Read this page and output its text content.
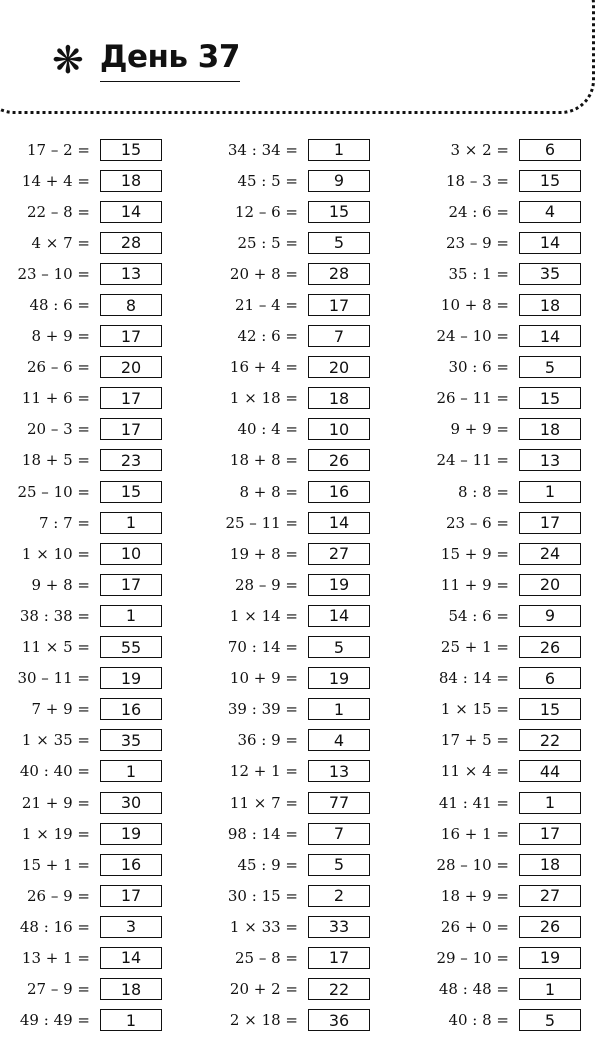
❋ День 37
17 – 2 =	15
14 + 4 =	18
22 – 8 =	14
4 × 7 =	28
23 – 10 =	13
48 : 6 =	8
8 + 9 =	17
26 – 6 =	20
11 + 6 =	17
20 – 3 =	17
18 + 5 =	23
25 – 10 =	15
7 : 7 =	1
1 × 10 =	10
9 + 8 =	17
38 : 38 =	1
11 × 5 =	55
30 – 11 =	19
7 + 9 =	16
1 × 35 =	35
40 : 40 =	1
21 + 9 =	30
1 × 19 =	19
15 + 1 =	16
26 – 9 =	17
48 : 16 =	3
13 + 1 =	14
27 – 9 =	18
49 : 49 =	1
34 : 34 =	1
45 : 5 =	9
12 – 6 =	15
25 : 5 =	5
20 + 8 =	28
21 – 4 =	17
42 : 6 =	7
16 + 4 =	20
1 × 18 =	18
40 : 4 =	10
18 + 8 =	26
8 + 8 =	16
25 – 11 =	14
19 + 8 =	27
28 – 9 =	19
1 × 14 =	14
70 : 14 =	5
10 + 9 =	19
39 : 39 =	1
36 : 9 =	4
12 + 1 =	13
11 × 7 =	77
98 : 14 =	7
45 : 9 =	5
30 : 15 =	2
1 × 33 =	33
25 – 8 =	17
20 + 2 =	22
2 × 18 =	36
3 × 2 =	6
18 – 3 =	15
24 : 6 =	4
23 – 9 =	14
35 : 1 =	35
10 + 8 =	18
24 – 10 =	14
30 : 6 =	5
26 – 11 =	15
9 + 9 =	18
24 – 11 =	13
8 : 8 =	1
23 – 6 =	17
15 + 9 =	24
11 + 9 =	20
54 : 6 =	9
25 + 1 =	26
84 : 14 =	6
1 × 15 =	15
17 + 5 =	22
11 × 4 =	44
41 : 41 =	1
16 + 1 =	17
28 – 10 =	18
18 + 9 =	27
26 + 0 =	26
29 – 10 =	19
48 : 48 =	1
40 : 8 =	5
